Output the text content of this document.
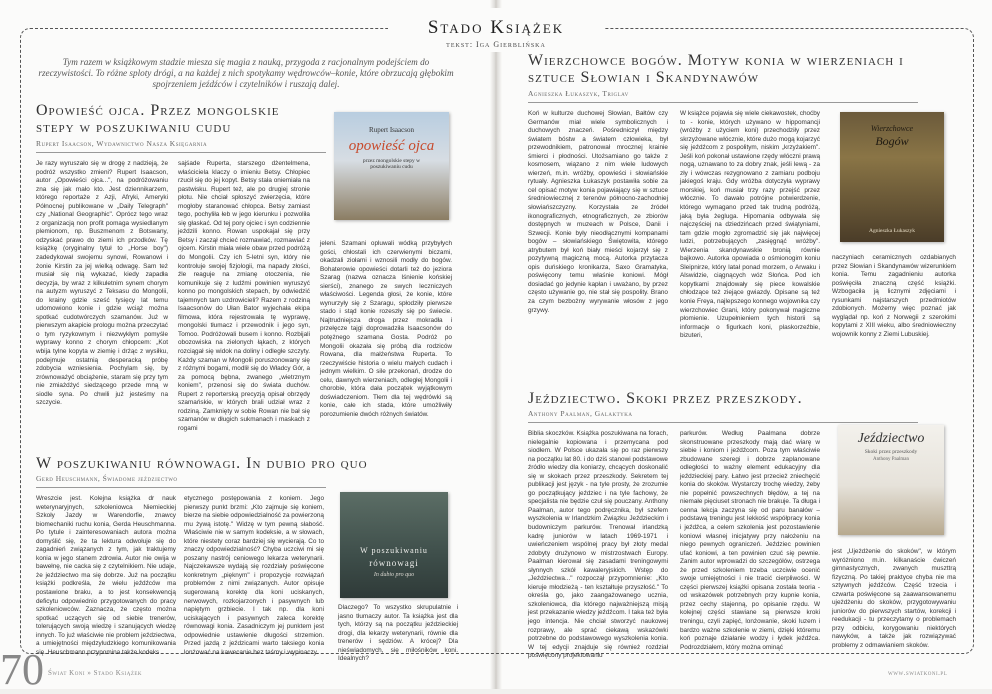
Stado Książek
tekst: Iga Gierblińska
Tym razem w książkowym stadzie miesza się magia z nauką, przygoda z racjonalnym podejściem do rzeczywistości. To różne sploty drógi, a na każdej z nich spotykamy wędrowców–konie, które obrzucają głębokim spojrzeniem jeźdźców i czytelników i ruszają dalej.
Opowieść ojca. Przez mongolskie stepy w poszukiwaniu cudu
Rupert Isaacson, Wydawnictwo Nasza Księgarnia
Rupert Isaacson
opowieść ojca
przez mongolskie stepy w poszukiwaniu cudu
Je razy wyruszało się w drogę z nadzieją, że podróż wszystko zmieni? Rupert Isaacson, autor „Opowieści ojca...", na podróżowaniu zna się jak mało kto. Jest dziennikarzem, którego reportaże z Azji, Afryki, Ameryki Północnej publikowane w „Daily Telegraph" czy „National Geographic". Oprócz tego wraz z organizacją non profit pomaga wysiedlanym plemionom, np. Buszmenom z Botswany, odzyskać prawo do ziemi ich przodków. Tę książkę (oryginalny tytuł to „Horse boy") zadedykował swojemu synowi, Rowanowi i żonie Kirstin za jej wielką odwagę. Sam też musiał się nią wykazać, kiedy zapadła decyzja, by wraz z kilkuletnim synem chorym na autyzm wyruszyć z Teksasu do Mongolii, do krainy gdzie sześć tysięcy lat temu udomowiono konie i gdzie wciąż można spotkać cudotwórczych szamanów. Już w pierwszym akapicie prologu można przeczytać o tym ryzykownym i niezwykłym pomyśle wyprawy konno z chorym chłopcem: „Kot wbija tylne kopyta w ziemię i drżąc z wysiłku, podejmuje ostatnią desperacką próbę zdobycia wzniesienia. Pochylam się, by zrównoważyć obciążenie, staram się przy tym nie zmiażdżyć siedzącego przede mną w siodle syna. Po chwili już jesteśmy na szczycie.
sajśade Ruperta, starszego dżentelmena, właściciela klaczy o imieniu Betsy. Chłopiec rzucił się do jej kopyt. Betsy stała oniemiała na pastwisku. Rupert też, ale po drugiej stronie płotu. Nie chciał spłoszyć zwierzęcia, które mogłoby staranować chłopca. Betsy zamiast tego, pochyliła łeb w jego kierunku i pozwoliła się głaskać. Od tej pory ojciec i syn codziennie jeździli konno. Rowan uspokajał się przy Betsy i zaczął chcieć rozmawiać, rozmawiać z ojcem. Kirstin miała wiele obaw przed podróżą do Mongolii. Czy ich 5-letni syn, który nie kontroluje swojej fizjologii, ma napady złości, źle reaguje na zmianę otoczenia, nie komunikuje się z ludźmi powinien wyruszyć konno po mongolskich stepach, by odwiedzić tajemnych tam uzdrowicieli? Razem z rodziną Isaacsonów do Ułan Bator wyjechała ekipa filmowa, która rejestrowała tę wyprawę, mongolski tłumacz i przewodnik i jego syn, Tomoo. Podróżowali busem i konno. Rozbijali obozowiska na zielonych łąkach, z których rozciągał się widok na doliny i odległe szczyty. Każdy szaman w Mongolii poruszonowany się z różnymi bogami, modlił się do Władcy Gór, a za pomocą bębna, zwanego „wietrznym koniem", przenosi się do świata duchów. Rupert z reporterską precyzją opisał obrzędy szamańskie, w których brali udział wraz z rodziną. Zamknięty w sobie Rowan nie bał się szamanów w długich sukmanach i maskach z rogami
jeleni. Szamani opluwali wódką przybyłych gości, chłostali ich czerwienymi biczami, okadzali ziołami i wznosili modły do bogów. Bohaterowie opowieści dotarli też do jeziora Szarag (nazwa oznacza Iśnienie końskiej sierści), znanego ze swych leczniczych właściwości. Legenda głosi, że konie, które wynurzyły się z Szaragu, spłodziły pierwsze stado i stąd konie rozeszły się po świecie. Najtrudniejsza droga przez mokradła i przełęcze tajgi doprowadziła Isaacsonów do potężnego szamana Gosta. Podróż po Mongolii okazała się próbą dla rodziców Rowana, dla małżeństwa Ruperta. To rzeczywiście historia o wielu małych cudach i jednym wielkim. O sile przekonań, drodze do celu, dawnych wierzeniach, odległej Mongolii i chorobie, która dała początek wyjątkowym doświadczeniom. Tłem dla tej wędrówki są konie, całe ich stada, które umożliwiły porozumienie dwóch różnych światów.
W poszukiwaniu równowagi. In dubio pro quo
Gerd Heuschmann, Świadome jeździectwo
W poszukiwaniu
równowagi
In dubio pro quo
Wreszcie jest. Kolejna książka dr nauk weterynaryjnych, szkoleniowca Niemieckiej Szkoły Jazdy w Warendorfie, znawcy biomechaniki ruchu konia, Gerda Heuschmanna. Po tytule i zainteresowaniach autora można domyślić się, że ta lektura odwołuje się do zagadnień związanych z tym, jak traktujemy konia w jego stanem zdrowia. Autor nie owija w bawełnę, nie cacka się z czytelnikiem. Nie udaje, że jeździectwo ma się dobrze. Już na początku książki podkreśla, że wielu jeźdźców ma postawione braku, a to jest konsekwencją deficytu odpowiednio przygotowanych do pracy szkoleniowców. Zaznacza, że często można spotkać uczących się od siebie trenerów, tolerujących swoją wiedzę i szanujących wiedzę innych. To już właściwie nie problem jeździectwa, a umiejętności międzyludzkiego komunikowania się. Heuschmann przypomina także kodeks
etycznego postępowania z koniem. Jego pierwszy punkt brzmi: „Kto zajmuje się koniem, bierze na siebie odpowiedzialność za powierzoną mu żywą istotę." Widzę w tym pewną słabość. Właściwie nie w samym kodeksie, a w słowach, które niestety coraz bardziej się wycierają. Co to znaczy odpowiedzialność? Chyba uczciwi mi się poszany nastrój ceniowego lekarza weterynarii. Najczekawsze wydają się rozdziały poświęcone konkretnym „pięknym" i propozycje rozwiązań problemów z nimi związanych. Autor opisuje sugerowaną korektę dla koni uciskanych, nerwowych, rozkojarzonych i pasywnych lub napiętym grzbiecie. I tak np. dla koni uciskających i pasywnych zaleca korektę równowagi konia. Zasadniczym jej punktem jest odpowiednie ustawienie długości strzemion. Przed jazdą z jeździcami warto taksiego konia lonżować na kawecanie bez taśmy i wypinaczy.
Dlaczego? To wszystko skrupulatnie i jasno tłumaczy autor. Ta książka jest dla tych, którzy są na początku jeździeckiej drogi, dla lekarzy weterynarii, równie dla trenerów i sędziów. A krócej? Dla nieświadomych, się miłośników koni. Idealnych?
Wierzchowce bogów. Motyw konia w wierzeniach i sztuce Słowian i Skandynawów
Agnieszka Łukaszyk, Triglav
Wierzchowce
Bogów
Agnieszka Łukaszyk
Koń w kulturze duchowej Słowian, Bałtów czy Germanów miał wiele symbolicznych i duchowych znaczeń. Pośredniczył między światem bóstw a światem człowieka, był przewodnikiem, patronował mrocznej krainie śmierci i płodności. Utożsamiano go także z kosmosem, wiązano z nim wiele ludowych wierzeń, m.in. wróżby, opowieści i słowiańskie rytuały. Agnieszka Łukaszyk postawiła sobie za cel opisać motyw konia pojawiający się w sztuce średniowiecznej z terenów północno-zachodniej słowiańszczyzny. Korzystała ze źródeł ikonograficznych, etnograficznych, ze zbiorów dostępnych w muzeach w Polsce, Danii i Szwecji. Konie były nieodłącznymi kompanami bogów – słowiańskiego Świętowita, którego atrybutem był koń biały mieści kojarzył się z pozytywną magiczną mocą. Autorka przytacza opis duńskiego kronikarza, Saxo Gramatyka, poświęcony temu właśnie koniowi. Mógł dosiadać go jedynie kapłan i uważano, by przez często używanie go, nie stał się pospolity. Brano za czym bezbożny wyrywanie włosów z jego grzywy.
W książce pojawia się wiele ciekawostek, choćby to - konie, których używano w hippomancji (wróżby z użyciem koni) przechodziły przez skrzyżowane włócznie, które dużo mogą kojarzyć się jeźdźcom z pospolitym, niskim „krzyżakiem". Jeśli koń pokonał ustawione rzędy włóczni prawą nogą, uznawano to za dobry znak, jeśli lewą - za zły i wówczas rezygnowano z zamiaru podboju jakiegoś kraju. Gdy wróżba dotyczyła wyprawy morskiej, koń musiał trzy razy przejść przez włócznie. To dawało potrójne potwierdzenie, którego wymagano przed tak trudną podróżą, jaką była żegluga. Hipomania odbywała się najczęściej na dziedzińcach przed świątyniami, tam gdzie mogło zgromadzić się jak najwięcej ludzi, potrzebujących „zasięgnąć wróżby". Wierzenia skandynawskie bronią równie bajkowo. Autorka opowiada o ośmionogim koniu Sleipnirze, który latał ponad morzem, o Arwaku i Alswidzie, ciągnących wóz Słońca. Pod ich kopytkami znajdowały się piece kowalskie chłodzące też ziejące gwiazdy. Opisane są też konie Freya, najlepszego konnego wojownika czy wierzchowiec Grani, który pokonywał magiczne płomienie. Uzupełnieniem tych historii są informacje o figurkach koni, plaskorzeźbie, bizuteri,
naczyniach ceramicznych ozdabianych przez Słowian i Skandynawów wizerunkiem konia. Temu zagadnieniu autorka poświęciła znaczną część książki. Wzbogaciła ją licznymi zdjęciami i rysunkami najstarszych przedmiotów zdobionych. Możemy więc poznać jak wyglądał np. koń z Norwegii z szerokimi kopytami z XIII wieku, albo średniowieczny wojownik konny z Ziemi Lubuskiej.
Jeździectwo. Skoki przez przeszkody.
Anthony Paalman, Galaktyka
Jeździectwo
Skoki przez przeszkody
Anthony Paalman
Biblia skoczków. Książka poszukiwana na forach, nielegalnie kopiowana i przemycana pod siodłem. W Polsce ukazała się po raz pierwszy na początku lat 80. i do dziś stanowi podstawowe źródło wiedzy dla koniarzy, chcących doskonalić się w skokach przez przeszkody. Sekretem tej publikacji jest język - na tyle prosty, że zrozumie go początkujący jeździec i na tyle fachowy, że specjalista nie będzie czuł się pouczany. Anthony Paalman, autor tego podręcznika, był szefem wyszkolenia w Irlandzkim Związku Jeździeckim i budowniczym parkurów. Trenował irlandzką kadrę juniorów w latach 1969-1971 i uwieńczeniem wspólnej pracy był złoty medal zdobyty drużynowo w mistrzostwach Europy. Paalman kierował się zasadami treningowymi słynnych szkół kawaleryjskich. Wstęp do „Jeździectwa..." rozpoczął przypomnienie: „Kto kieruje młodzieżą - ten kształtuje przyszłość." To określa go, jako zaangażowanego ucznia, szkoleniowca, dla którego najważniejszą misją jest przekazanie wiedzy jeźdźcom. I taka też była jego intencja. Nie chciał stworzyć naukowej rozprawy, ale sprać ciekawą wskazówki potrzebne do podstawowego wyszkolenia konia. W tej edycji znajduje się również rozdział poświęcony projektowaniu
parkurów. Według Paalmana dobrze skonstruowane przeszkody mają dać wiarę w siebie i koniom i jeźdźcom. Poza tym właściwie zbudowane szeregi i dobrze zaplanowane odległości to ważny element edukacyjny dla jeździeckiej pary. Łatwo jest przecież zniechęcić konia do skoków. Wystarczy trochę wiedzy, żeby nie popełnić powszechnych błędów, a tej na niemałe pięciuset stronach nie brakuje. Ta długa i cenna lekcja zaczyna się od paru banałów – podstawą treningu jest lekkość współpracy konia i jeźdźca, a celem szkolenia jest pozostawienie koniowi własnej inicjatywy przy nałożeniu na niego pewnych ograniczeń. Jeździec powinien ufać koniowi, a ten powinien czuć się pewnie. Zanim autor wprowadzi do szczegółów, ostrzega że przed szkoleniem trzeba uczciwie ocenić swoje umiejętności i nie tracić cierpliwości. W części pierwszej książki opisana została teoria - od wskazówek potrzebnych przy kupnie konia, przez cechy stajenną, po opisanie rzędu. W kolejnej części stawiane są pierwsze kroki treningu, czyli zapięć, lonżowanie, skoki luzem i bardzo ważne szkolenie w ziemi, dzięki któremu koń poznaje działanie wodzy i łydek jeźdźca. Podrozdziałem, który można ominąć
jest „Ujeżdżenie do skoków", w którym wyróżniono m.in. kilkanaście ćwiczeń gimnastycznych, zwanych muszttrą fizyczną. Po takiej praktyce chyba nie ma sztywnych jeźdźców. Część trzecia i czwarta poświęcone są zaawansowanemu ujeżdżeniu do skoków, przygotowywaniu juniorów do pierwszych startów, korekcji i reedukacji - tu przeczytamy o problemach przy odbiciu, korygowaniu niektórych nawyków, a także jak rozwiązywać problemy z odmawianiem skoków.
70 Świat Koni » Stado Książek	www.swiatkoni.pl
